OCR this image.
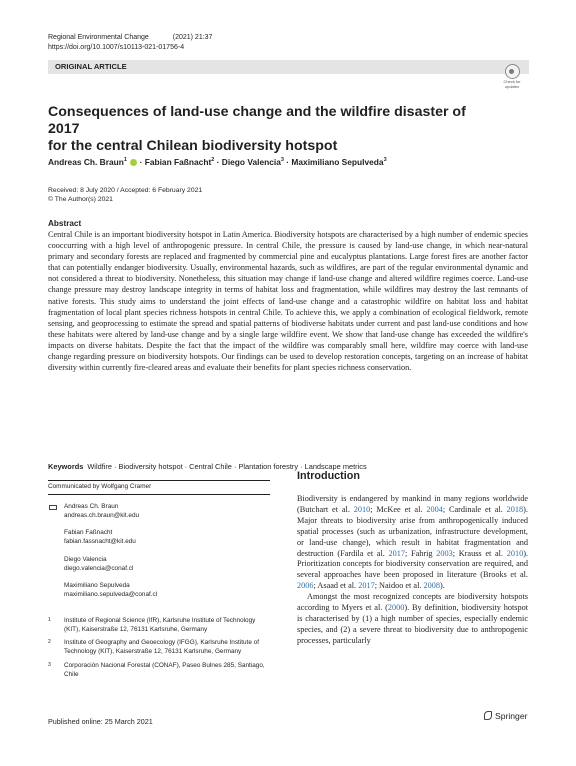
Regional Environmental Change	(2021) 21:37
https://doi.org/10.1007/s10113-021-01756-4
ORIGINAL ARTICLE
Check for
updates
Consequences of land-use change and the wildfire disaster of 2017
for the central Chilean biodiversity hotspot
Andreas Ch. Braun$^1$  · Fabian Faßnacht$^2$ · Diego Valencia$^3$ · Maximiliano Sepulveda$^3$
Received: 8 July 2020 / Accepted: 6 February 2021
© The Author(s) 2021
Abstract
Central Chile is an important biodiversity hotspot in Latin America. Biodiversity hotspots are characterised by a high number of endemic species cooccurring with a high level of anthropogenic pressure. In central Chile, the pressure is caused by land-use change, in which near-natural primary and secondary forests are replaced and fragmented by commercial pine and eucalyptus plantations. Large forest fires are another factor that can potentially endanger biodiversity. Usually, environmental hazards, such as wildfires, are part of the regular environmental dynamic and not considered a threat to biodiversity. Nonetheless, this situation may change if land-use change and altered wildfire regimes coerce. Land-use change pressure may destroy landscape integrity in terms of habitat loss and fragmentation, while wildfires may destroy the last remnants of native forests. This study aims to understand the joint effects of land-use change and a catastrophic wildfire on habitat loss and habitat fragmentation of local plant species richness hotspots in central Chile. To achieve this, we apply a combination of ecological fieldwork, remote sensing, and geoprocessing to estimate the spread and spatial patterns of biodiverse habitats under current and past land-use conditions and how these habitats were altered by land-use change and by a single large wildfire event. We show that land-use change has exceeded the wildfire's impacts on diverse habitats. Despite the fact that the impact of the wildfire was comparably small here, wildfire may coerce with land-use change regarding pressure on biodiversity hotspots. Our findings can be used to develop restoration concepts, targeting on an increase of habitat diversity within currently fire-cleared areas and evaluate their benefits for plant species richness conservation.
Keywords Wildfire · Biodiversity hotspot · Central Chile · Plantation forestry · Landscape metrics
Communicated by Wolfgang Cramer
Andreas Ch. Braun
andreas.ch.braun@kit.edu
Fabian Faßnacht
fabian.fassnacht@kit.edu
Diego Valencia
diego.valencia@conaf.cl
Maximiliano Sepulveda
maximiliano.sepulveda@conaf.cl
1 Institute of Regional Science (IfR), Karlsruhe Institute of Technology (KIT), Kaiserstraße 12, 76131 Karlsruhe, Germany
2 Institute of Geography and Geoecology (IFGG), Karlsruhe Institute of Technology (KIT), Kaiserstraße 12, 76131 Karlsruhe, Germany
3 Corporación Nacional Forestal (CONAF), Paseo Bulnes 285, Santiago, Chile
Published online: 25 March 2021
Introduction

Biodiversity is endangered by mankind in many regions worldwide (Butchart et al. 2010; McKee et al. 2004; Cardinale et al. 2018). Major threats to biodiversity arise from anthropogenically induced spatial processes (such as urbanization, infrastructure development, or land-use change), which result in habitat fragmentation and destruction (Fardila et al. 2017; Fahrig 2003; Krauss et al. 2010). Prioritization concepts for biodiversity conservation are required, and several approaches have been proposed in literature (Brooks et al. 2006; Asaad et al. 2017; Naidoo et al. 2008).

Amongst the most recognized concepts are biodiversity hotspots according to Myers et al. (2000). By definition, biodiversity hotspot is characterised by (1) a high number of species, especially endemic species, and (2) a severe threat to biodiversity due to anthropogenic processes, particularly

Springer
